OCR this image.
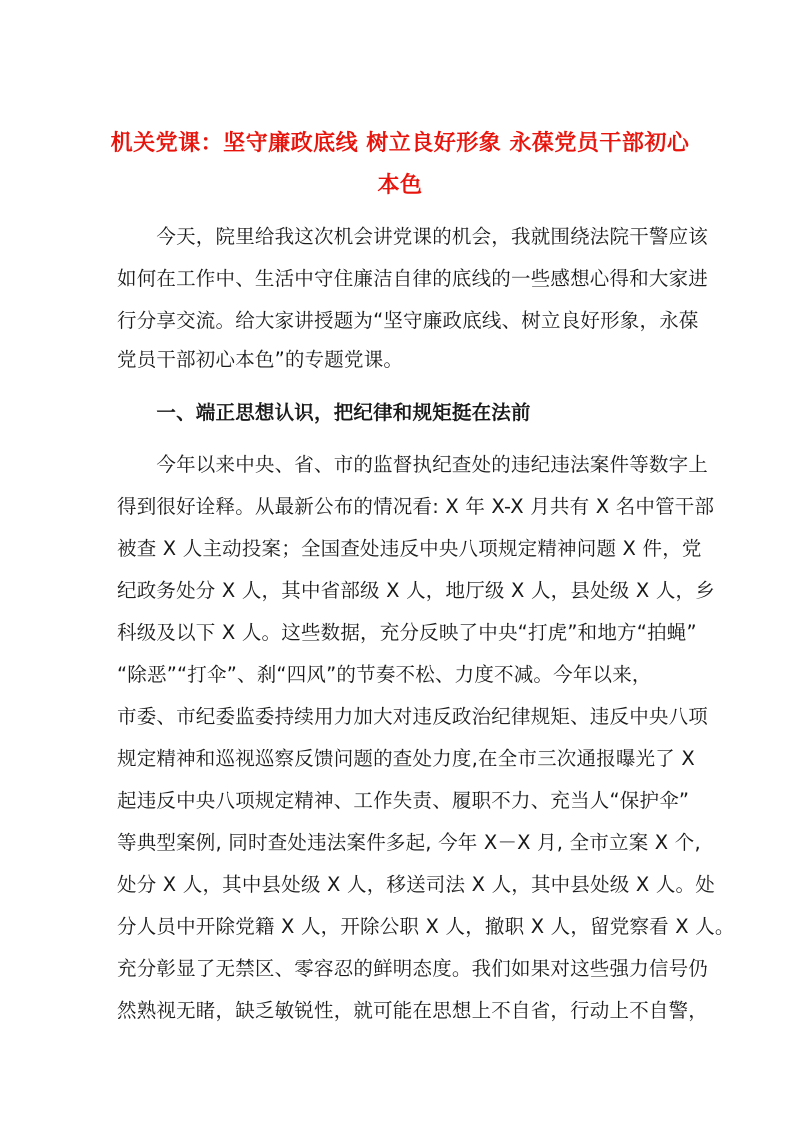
机关党课：坚守廉政底线 树立良好形象 永葆党员干部初心
本色
　　今天，院里给我这次机会讲党课的机会，我就围绕法院干警应该
如何在工作中、生活中守住廉洁自律的底线的一些感想心得和大家进
行分享交流。给大家讲授题为“坚守廉政底线、树立良好形象，永葆
党员干部初心本色”的专题党课。
　　一、端正思想认识，把纪律和规矩挺在法前
　　今年以来中央、省、市的监督执纪查处的违纪违法案件等数字上
得到很好诠释。从最新公布的情况看: X 年 X-X 月共有 X 名中管干部
被查 X 人主动投案；全国查处违反中央八项规定精神问题 X 件，党
纪政务处分 X 人，其中省部级 X 人，地厅级 X 人，县处级 X 人，乡
科级及以下 X 人。这些数据，充分反映了中央“打虎”和地方“拍蝇”
“除恶”“打伞”、刹“四风”的节奏不松、力度不减。今年以来，
市委、市纪委监委持续用力加大对违反政治纪律规矩、违反中央八项
规定精神和巡视巡察反馈问题的查处力度,在全市三次通报曝光了 X
起违反中央八项规定精神、工作失责、履职不力、充当人“保护伞”
等典型案例, 同时查处违法案件多起, 今年 X－X 月, 全市立案 X 个,
处分 X 人，其中县处级 X 人，移送司法 X 人，其中县处级 X 人。处
分人员中开除党籍 X 人，开除公职 X 人，撤职 X 人，留党察看 X 人。
充分彰显了无禁区、零容忍的鲜明态度。我们如果对这些强力信号仍
然熟视无睹，缺乏敏锐性，就可能在思想上不自省，行动上不自警，
